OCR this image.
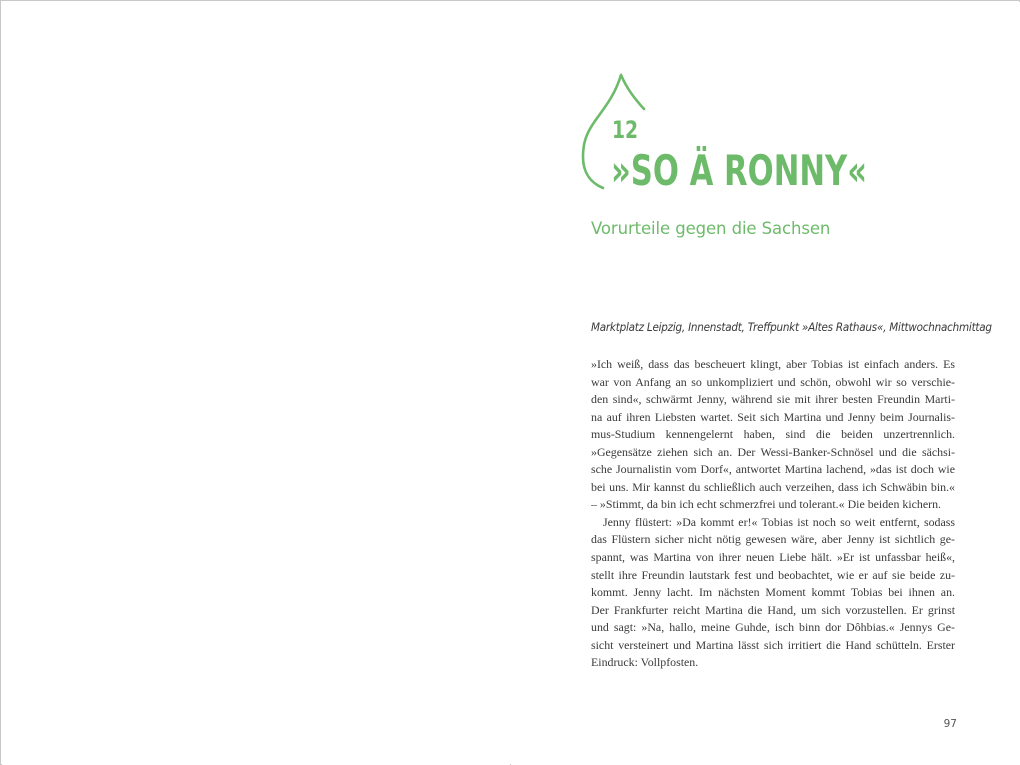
12
»SO Ä RONNY«
Vorurteile gegen die Sachsen
Marktplatz Leipzig, Innenstadt, Treffpunkt »Altes Rathaus«, Mittwochnachmittag
»Ich weiß, dass das bescheuert klingt, aber Tobias ist einfach anders. Es
war von Anfang an so unkompliziert und schön, obwohl wir so verschie-
den sind«, schwärmt Jenny, während sie mit ihrer besten Freundin Marti-
na auf ihren Liebsten wartet. Seit sich Martina und Jenny beim Journalis-
mus-Studium kennengelernt haben, sind die beiden unzertrennlich.
»Gegensätze ziehen sich an. Der Wessi-Banker-Schnösel und die sächsi-
sche Journalistin vom Dorf«, antwortet Martina lachend, »das ist doch wie
bei uns. Mir kannst du schließlich auch verzeihen, dass ich Schwäbin bin.«
– »Stimmt, da bin ich echt schmerzfrei und tolerant.« Die beiden kichern.
Jenny flüstert: »Da kommt er!« Tobias ist noch so weit entfernt, sodass
das Flüstern sicher nicht nötig gewesen wäre, aber Jenny ist sichtlich ge-
spannt, was Martina von ihrer neuen Liebe hält. »Er ist unfassbar heiß«,
stellt ihre Freundin lautstark fest und beobachtet, wie er auf sie beide zu-
kommt. Jenny lacht. Im nächsten Moment kommt Tobias bei ihnen an.
Der Frankfurter reicht Martina die Hand, um sich vorzustellen. Er grinst
und sagt: »Na, hallo, meine Guhde, isch binn dor Dôhbias.« Jennys Ge-
sicht versteinert und Martina lässt sich irritiert die Hand schütteln. Erster
Eindruck: Vollpfosten.
97
